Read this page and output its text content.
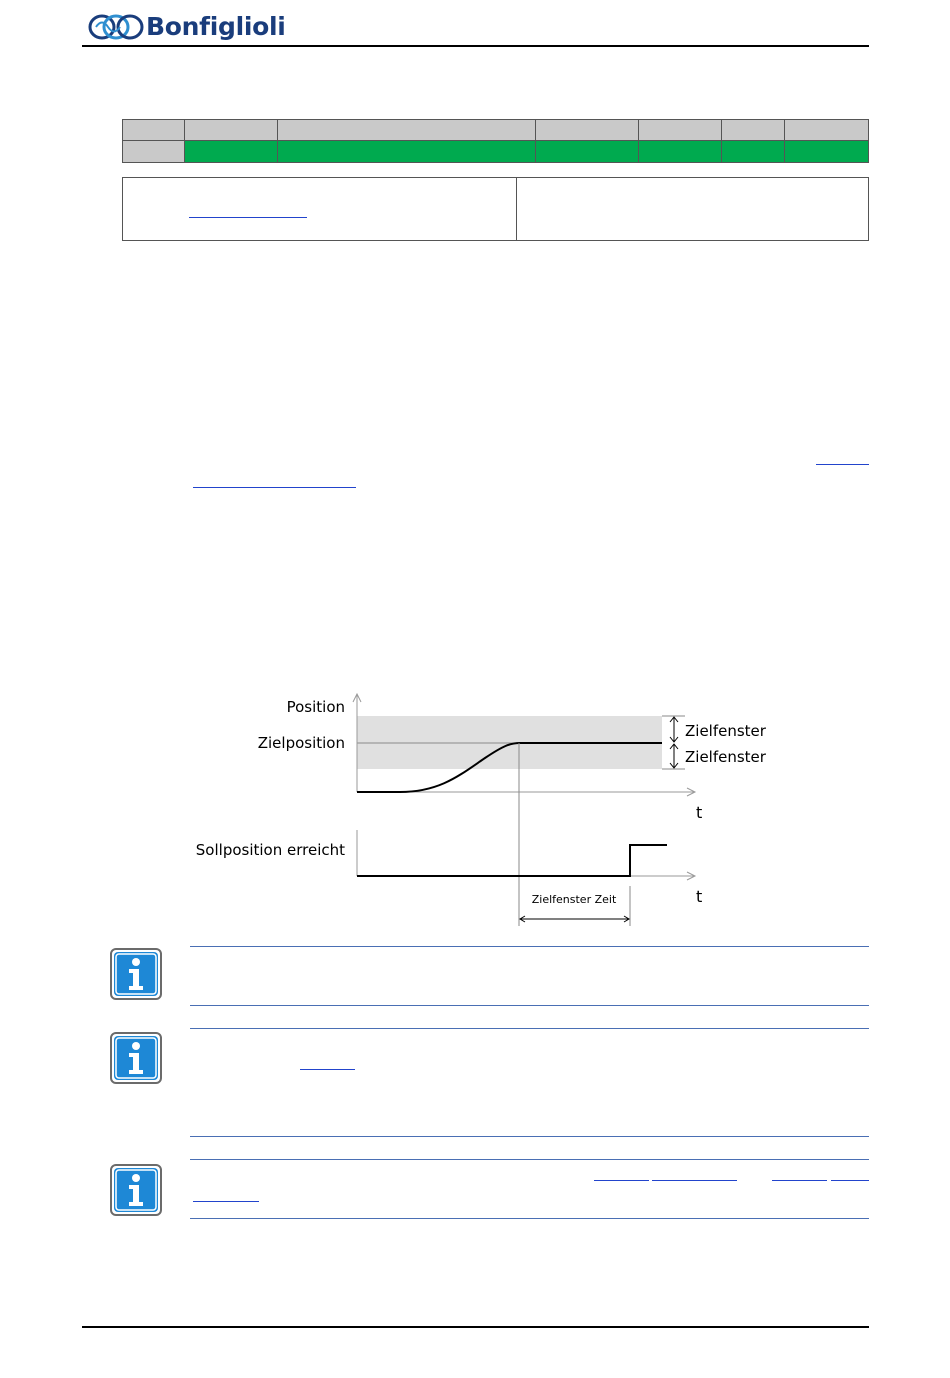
Bonfiglioli

Position
Zielposition
Zielfenster
Zielfenster
t
Sollposition erreicht
t
Zielfenster Zeit
